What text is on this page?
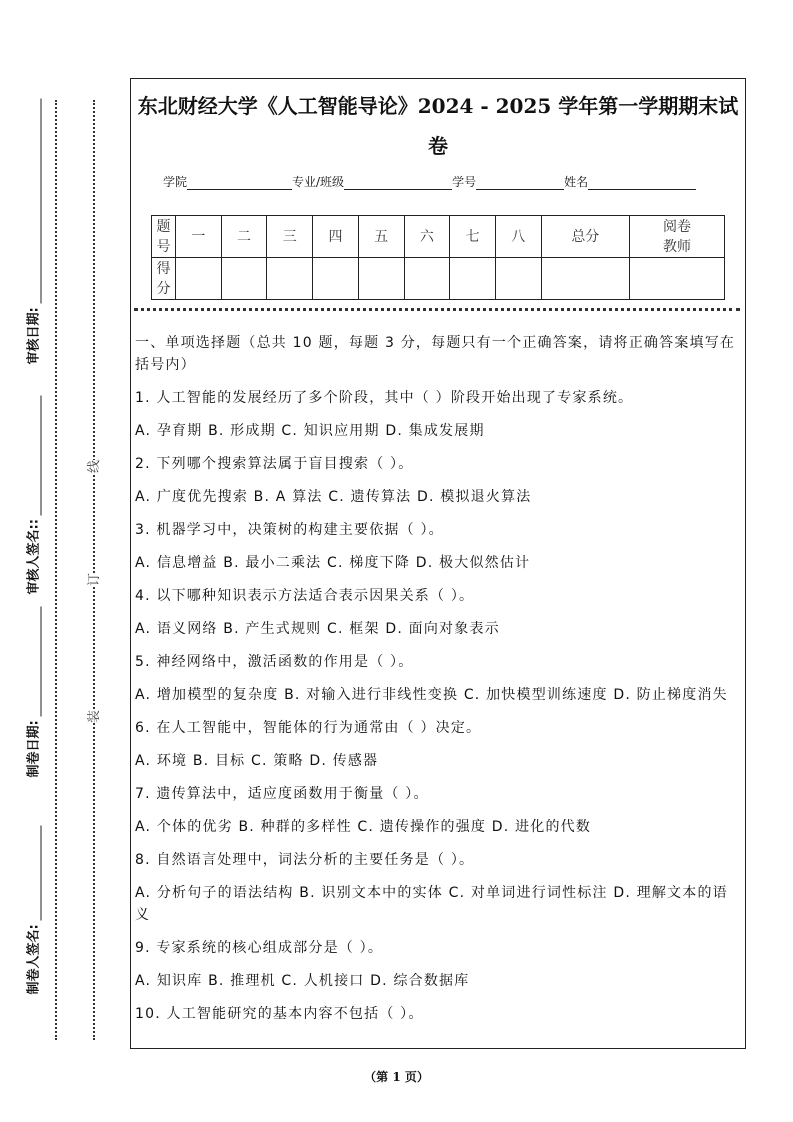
审核日期:
审核人签名::
制卷日期:
制卷人签名:
装
订
线
东北财经大学《人工智能导论》2024 - 2025 学年第一学期期末试
卷
学院	专业/班级	学号	姓名
题号	一	二	三	四	五	六	七	八	总分	阅卷教师
得分										
一、单项选择题（总共 10 题，每题 3 分，每题只有一个正确答案，请将正确答案填写在括号内）
1. 人工智能的发展经历了多个阶段，其中（ ）阶段开始出现了专家系统。
A. 孕育期 B. 形成期 C. 知识应用期 D. 集成发展期
2. 下列哪个搜索算法属于盲目搜索（ ）。
A. 广度优先搜索 B. A 算法 C. 遗传算法 D. 模拟退火算法
3. 机器学习中，决策树的构建主要依据（ ）。
A. 信息增益 B. 最小二乘法 C. 梯度下降 D. 极大似然估计
4. 以下哪种知识表示方法适合表示因果关系（ ）。
A. 语义网络 B. 产生式规则 C. 框架 D. 面向对象表示
5. 神经网络中，激活函数的作用是（ ）。
A. 增加模型的复杂度 B. 对输入进行非线性变换 C. 加快模型训练速度 D. 防止梯度消失
6. 在人工智能中，智能体的行为通常由（ ）决定。
A. 环境 B. 目标 C. 策略 D. 传感器
7. 遗传算法中，适应度函数用于衡量（ ）。
A. 个体的优劣 B. 种群的多样性 C. 遗传操作的强度 D. 进化的代数
8. 自然语言处理中，词法分析的主要任务是（ ）。
A. 分析句子的语法结构 B. 识别文本中的实体 C. 对单词进行词性标注 D. 理解文本的语义
9. 专家系统的核心组成部分是（ ）。
A. 知识库 B. 推理机 C. 人机接口 D. 综合数据库
10. 人工智能研究的基本内容不包括（ ）。
（第 1 页）
